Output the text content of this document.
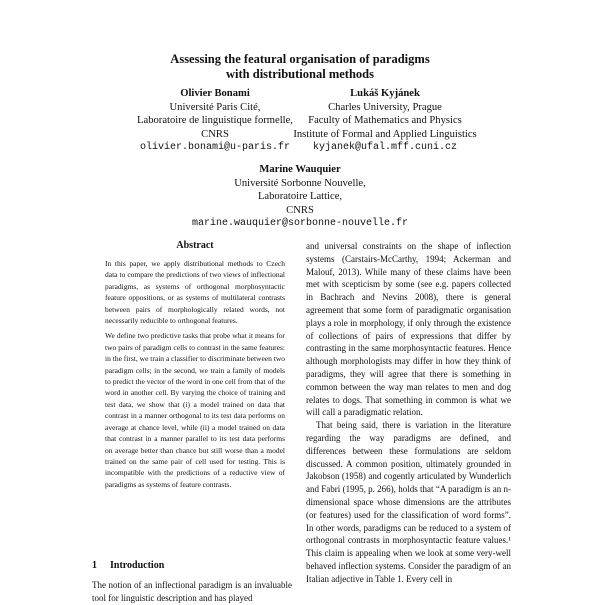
Assessing the featural organisation of paradigms
with distributional methods
Olivier Bonami
Université Paris Cité,
Laboratoire de linguistique formelle,
CNRS
olivier.bonami@u-paris.fr
Lukáš Kyjánek
Charles University, Prague
Faculty of Mathematics and Physics
Institute of Formal and Applied Linguistics
kyjanek@ufal.mff.cuni.cz
Marine Wauquier
Université Sorbonne Nouvelle,
Laboratoire Lattice,
CNRS
marine.wauquier@sorbonne-nouvelle.fr
Abstract

In this paper, we apply distributional methods to Czech data to compare the predictions of two views of inflectional paradigms, as systems of orthogonal morphosyntactic feature oppositions, or as systems of multilateral contrasts between pairs of morphologically related words, not necessarily reducible to orthogonal features.

We define two predictive tasks that probe what it means for two pairs of paradigm cells to contrast in the same features: in the first, we train a classifier to discriminate between two paradigm cells; in the second, we train a family of models to predict the vector of the word in one cell from that of the word in another cell. By varying the choice of training and test data, we show that (i) a model trained on data that contrast in a manner orthogonal to its test data performs on average at chance level, while (ii) a model trained on data that contrast in a manner parallel to its test data performs on average better than chance but still worse than a model trained on the same pair of cell used for testing. This is incompatible with the predictions of a reductive view of paradigms as systems of feature contrasts.

1 Introduction

The notion of an inflectional paradigm is an invaluable tool for linguistic description and has played

and universal constraints on the shape of inflection systems (Carstairs-McCarthy, 1994; Ackerman and Malouf, 2013). While many of these claims have been met with scepticism by some (see e.g. papers collected in Bachrach and Nevins 2008), there is general agreement that some form of paradigmatic organisation plays a role in morphology, if only through the existence of collections of pairs of expressions that differ by contrasting in the same morphosyntactic features. Hence although morphologists may differ in how they think of paradigms, they will agree that there is something in common between the way man relates to men and dog relates to dogs. That something in common is what we will call a paradigmatic relation.

That being said, there is variation in the literature regarding the way paradigms are defined, and differences between these formulations are seldom discussed. A common position, ultimately grounded in Jakobson (1958) and cogently articulated by Wunderlich and Fabri (1995, p. 266), holds that “A paradigm is an n-dimensional space whose dimensions are the attributes (or features) used for the classification of word forms”. In other words, paradigms can be reduced to a system of orthogonal contrasts in morphosyntactic feature values.¹ This claim is appealing when we look at some very-well behaved inflection systems. Consider the paradigm of an Italian adjective in Table 1. Every cell in
